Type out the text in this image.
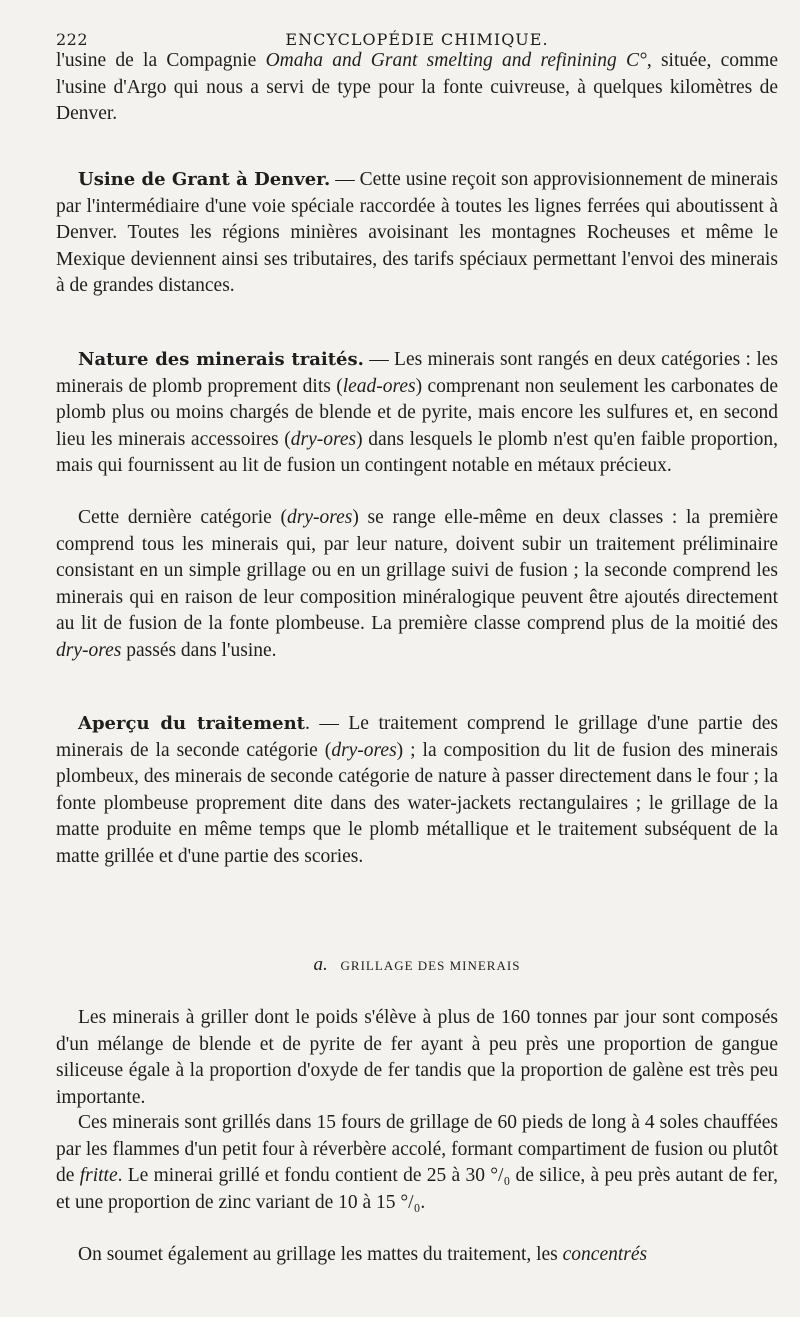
222	ENCYCLOPÉDIE CHIMIQUE.

l'usine de la Compagnie Omaha and Grant smelting and refinining C°, située, comme l'usine d'Argo qui nous a servi de type pour la fonte cuivreuse, à quelques kilomètres de Denver.

Usine de Grant à Denver. — Cette usine reçoit son approvisionnement de minerais par l'intermédiaire d'une voie spéciale raccordée à toutes les lignes ferrées qui aboutissent à Denver. Toutes les régions minières avoisinant les montagnes Rocheuses et même le Mexique deviennent ainsi ses tributaires, des tarifs spéciaux permettant l'envoi des minerais à de grandes distances.

Nature des minerais traités. — Les minerais sont rangés en deux catégories : les minerais de plomb proprement dits (lead-ores) comprenant non seulement les carbonates de plomb plus ou moins chargés de blende et de pyrite, mais encore les sulfures et, en second lieu les minerais accessoires (dry-ores) dans lesquels le plomb n'est qu'en faible proportion, mais qui fournissent au lit de fusion un contingent notable en métaux précieux.

Cette dernière catégorie (dry-ores) se range elle-même en deux classes : la première comprend tous les minerais qui, par leur nature, doivent subir un traitement préliminaire consistant en un simple grillage ou en un grillage suivi de fusion ; la seconde comprend les minerais qui en raison de leur composition minéralogique peuvent être ajoutés directement au lit de fusion de la fonte plombeuse. La première classe comprend plus de la moitié des dry-ores passés dans l'usine.

Aperçu du traitement. — Le traitement comprend le grillage d'une partie des minerais de la seconde catégorie (dry-ores) ; la composition du lit de fusion des minerais plombeux, des minerais de seconde catégorie de nature à passer directement dans le four ; la fonte plombeuse proprement dite dans des water-jackets rectangulaires ; le grillage de la matte produite en même temps que le plomb métallique et le traitement subséquent de la matte grillée et d'une partie des scories.

a. GRILLAGE DES MINERAIS

Les minerais à griller dont le poids s'élève à plus de 160 tonnes par jour sont composés d'un mélange de blende et de pyrite de fer ayant à peu près une proportion de gangue siliceuse égale à la proportion d'oxyde de fer tandis que la proportion de galène est très peu importante.

Ces minerais sont grillés dans 15 fours de grillage de 60 pieds de long à 4 soles chauffées par les flammes d'un petit four à réverbère accolé, formant compartiment de fusion ou plutôt de fritte. Le minerai grillé et fondu contient de 25 à 30 °/₀ de silice, à peu près autant de fer, et une proportion de zinc variant de 10 à 15 °/₀.

On soumet également au grillage les mattes du traitement, les concentrés
